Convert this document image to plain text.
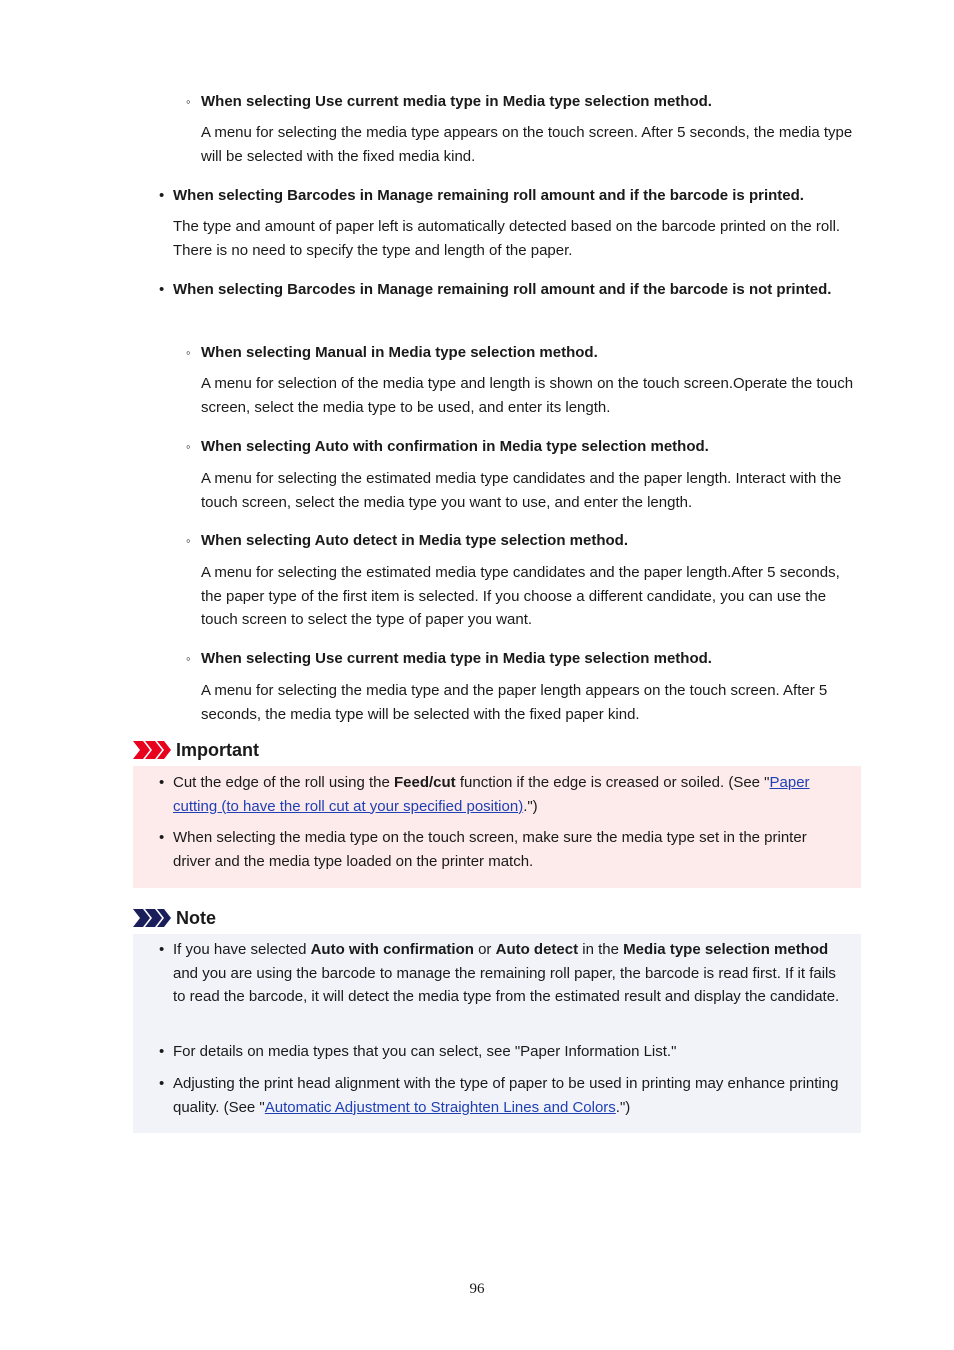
◦ When selecting Use current media type in Media type selection method.
A menu for selecting the media type appears on the touch screen. After 5 seconds, the media type will be selected with the fixed media kind.
• When selecting Barcodes in Manage remaining roll amount and if the barcode is printed.
The type and amount of paper left is automatically detected based on the barcode printed on the roll. There is no need to specify the type and length of the paper.
• When selecting Barcodes in Manage remaining roll amount and if the barcode is not printed.
◦ When selecting Manual in Media type selection method.
A menu for selection of the media type and length is shown on the touch screen.Operate the touch screen, select the media type to be used, and enter its length.
◦ When selecting Auto with confirmation in Media type selection method.
A menu for selecting the estimated media type candidates and the paper length. Interact with the touch screen, select the media type you want to use, and enter the length.
◦ When selecting Auto detect in Media type selection method.
A menu for selecting the estimated media type candidates and the paper length.After 5 seconds, the paper type of the first item is selected. If you choose a different candidate, you can use the touch screen to select the type of paper you want.
◦ When selecting Use current media type in Media type selection method.
A menu for selecting the media type and the paper length appears on the touch screen. After 5 seconds, the media type will be selected with the fixed paper kind.
Important
• Cut the edge of the roll using the Feed/cut function if the edge is creased or soiled. (See "Paper cutting (to have the roll cut at your specified position).")
• When selecting the media type on the touch screen, make sure the media type set in the printer driver and the media type loaded on the printer match.
Note
• If you have selected Auto with confirmation or Auto detect in the Media type selection method and you are using the barcode to manage the remaining roll paper, the barcode is read first. If it fails to read the barcode, it will detect the media type from the estimated result and display the candidate.
• For details on media types that you can select, see "Paper Information List."
• Adjusting the print head alignment with the type of paper to be used in printing may enhance printing quality. (See "Automatic Adjustment to Straighten Lines and Colors.")
96
